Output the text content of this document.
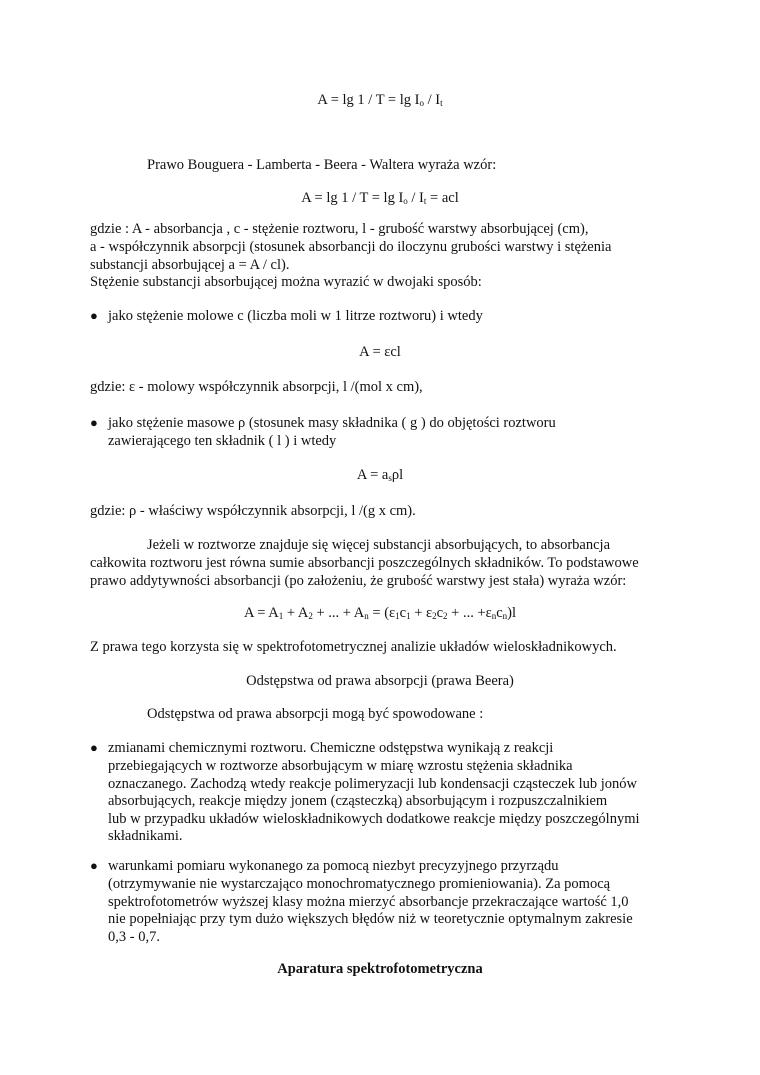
$A = \lg 1 / T = \lg I_o / I_t$
Prawo Bouguera - Lamberta - Beera - Waltera wyraża wzór:
$A = \lg 1 / T = \lg I_o / I_t$ = acl
gdzie : A - absorbancja , c - stężenie roztworu, l - grubość warstwy absorbującej (cm),
a - współczynnik absorpcji (stosunek absorbancji do iloczynu grubości warstwy i stężenia
substancji absorbującej a = A / cl).
Stężenie substancji absorbującej można wyrazić w dwojaki sposób:
● jako stężenie molowe c (liczba moli w 1 litrze roztworu) i wtedy
A = εcl
gdzie: ε - molowy współczynnik absorpcji, l /(mol x cm),
● jako stężenie masowe ρ (stosunek masy składnika ( g ) do objętości roztworu
zawierającego ten składnik ( l ) i wtedy
$A = a_s\rho l$
gdzie: ρ - właściwy współczynnik absorpcji, l /(g x cm).
Jeżeli w roztworze znajduje się więcej substancji absorbujących, to absorbancja
całkowita roztworu jest równa sumie absorbancji poszczególnych składników. To podstawowe
prawo addytywności absorbancji (po założeniu, że grubość warstwy jest stała) wyraża wzór:
$A = A_1 + A_2$ + ... + $A_n = (\varepsilon_1c_1 + \varepsilon_2c_2$ + ... $+\varepsilon_nc_n)l$
Z prawa tego korzysta się w spektrofotometrycznej analizie układów wieloskładnikowych.
Odstępstwa od prawa absorpcji (prawa Beera)
Odstępstwa od prawa absorpcji mogą być spowodowane :
● zmianami chemicznymi roztworu. Chemiczne odstępstwa wynikają z reakcji
przebiegających w roztworze absorbującym w miarę wzrostu stężenia składnika
oznaczanego. Zachodzą wtedy reakcje polimeryzacji lub kondensacji cząsteczek lub jonów
absorbujących, reakcje między jonem (cząsteczką) absorbującym i rozpuszczalnikiem
lub w przypadku układów wieloskładnikowych dodatkowe reakcje między poszczególnymi
składnikami.
● warunkami pomiaru wykonanego za pomocą niezbyt precyzyjnego przyrządu
(otrzymywanie nie wystarczająco monochromatycznego promieniowania). Za pomocą
spektrofotometrów wyższej klasy można mierzyć absorbancje przekraczające wartość 1,0
nie popełniając przy tym dużo większych błędów niż w teoretycznie optymalnym zakresie
0,3 - 0,7.
Aparatura spektrofotometryczna
